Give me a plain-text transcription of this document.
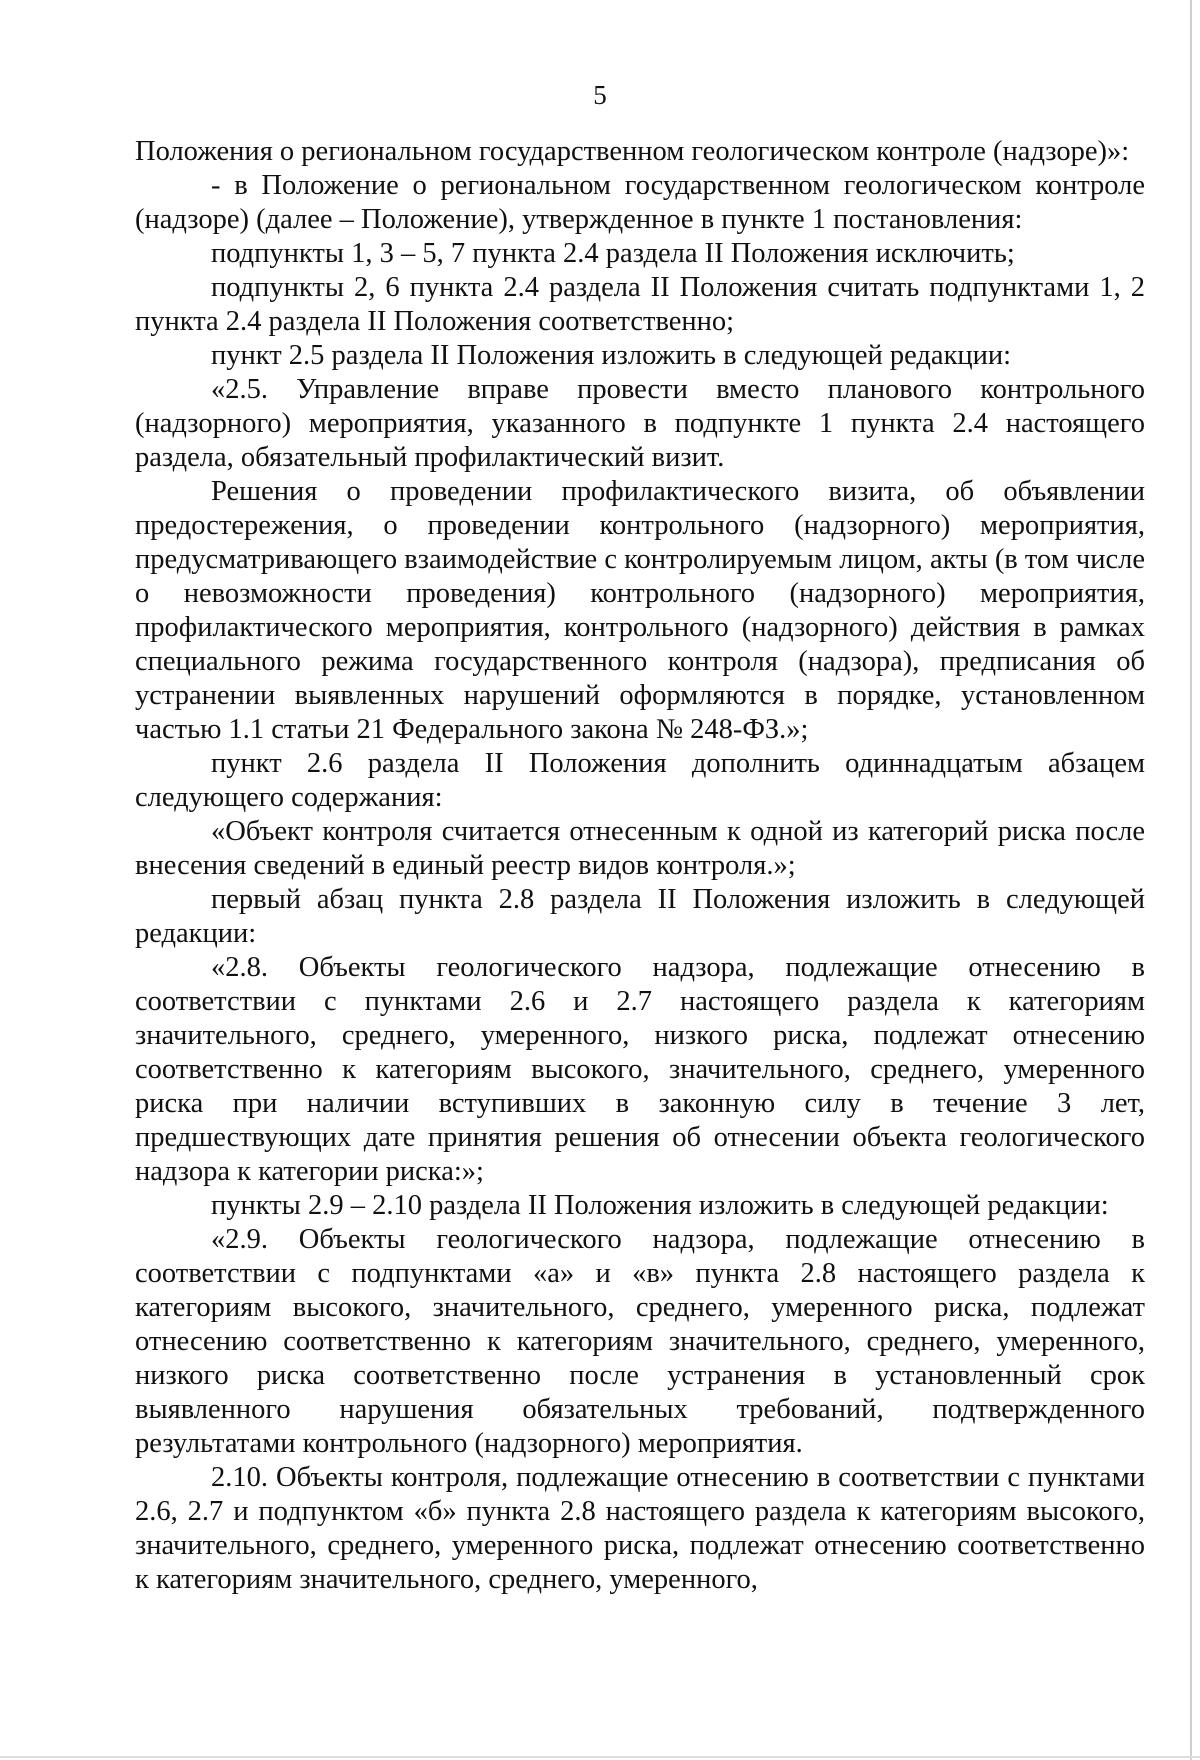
5

Положения о региональном государственном геологическом контроле (надзоре)»:

- в Положение о региональном государственном геологическом контроле (надзоре) (далее – Положение), утвержденное в пункте 1 постановления:

подпункты 1, 3 – 5, 7 пункта 2.4 раздела II Положения исключить;

подпункты 2, 6 пункта 2.4 раздела II Положения считать подпунктами 1, 2 пункта 2.4 раздела II Положения соответственно;

пункт 2.5 раздела II Положения изложить в следующей редакции:

«2.5. Управление вправе провести вместо планового контрольного (надзорного) мероприятия, указанного в подпункте 1 пункта 2.4 настоящего раздела, обязательный профилактический визит.

Решения о проведении профилактического визита, об объявлении предостережения, о проведении контрольного (надзорного) мероприятия, предусматривающего взаимодействие с контролируемым лицом, акты (в том числе о невозможности проведения) контрольного (надзорного) мероприятия, профилактического мероприятия, контрольного (надзорного) действия в рамках специального режима государственного контроля (надзора), предписания об устранении выявленных нарушений оформляются в порядке, установленном частью 1.1 статьи 21 Федерального закона № 248-ФЗ.»;

пункт 2.6 раздела II Положения дополнить одиннадцатым абзацем следующего содержания:

«Объект контроля считается отнесенным к одной из категорий риска после внесения сведений в единый реестр видов контроля.»;

первый абзац пункта 2.8 раздела II Положения изложить в следующей редакции:

«2.8. Объекты геологического надзора, подлежащие отнесению в соответствии с пунктами 2.6 и 2.7 настоящего раздела к категориям значительного, среднего, умеренного, низкого риска, подлежат отнесению соответственно к категориям высокого, значительного, среднего, умеренного риска при наличии вступивших в законную силу в течение 3 лет, предшествующих дате принятия решения об отнесении объекта геологического надзора к категории риска:»;

пункты 2.9 – 2.10 раздела II Положения изложить в следующей редакции:

«2.9. Объекты геологического надзора, подлежащие отнесению в соответствии с подпунктами «а» и «в» пункта 2.8 настоящего раздела к категориям высокого, значительного, среднего, умеренного риска, подлежат отнесению соответственно к категориям значительного, среднего, умеренного, низкого риска соответственно после устранения в установленный срок выявленного нарушения обязательных требований, подтвержденного результатами контрольного (надзорного) мероприятия.

2.10. Объекты контроля, подлежащие отнесению в соответствии с пунктами 2.6, 2.7 и подпунктом «б» пункта 2.8 настоящего раздела к категориям высокого, значительного, среднего, умеренного риска, подлежат отнесению соответственно к категориям значительного, среднего, умеренного,
